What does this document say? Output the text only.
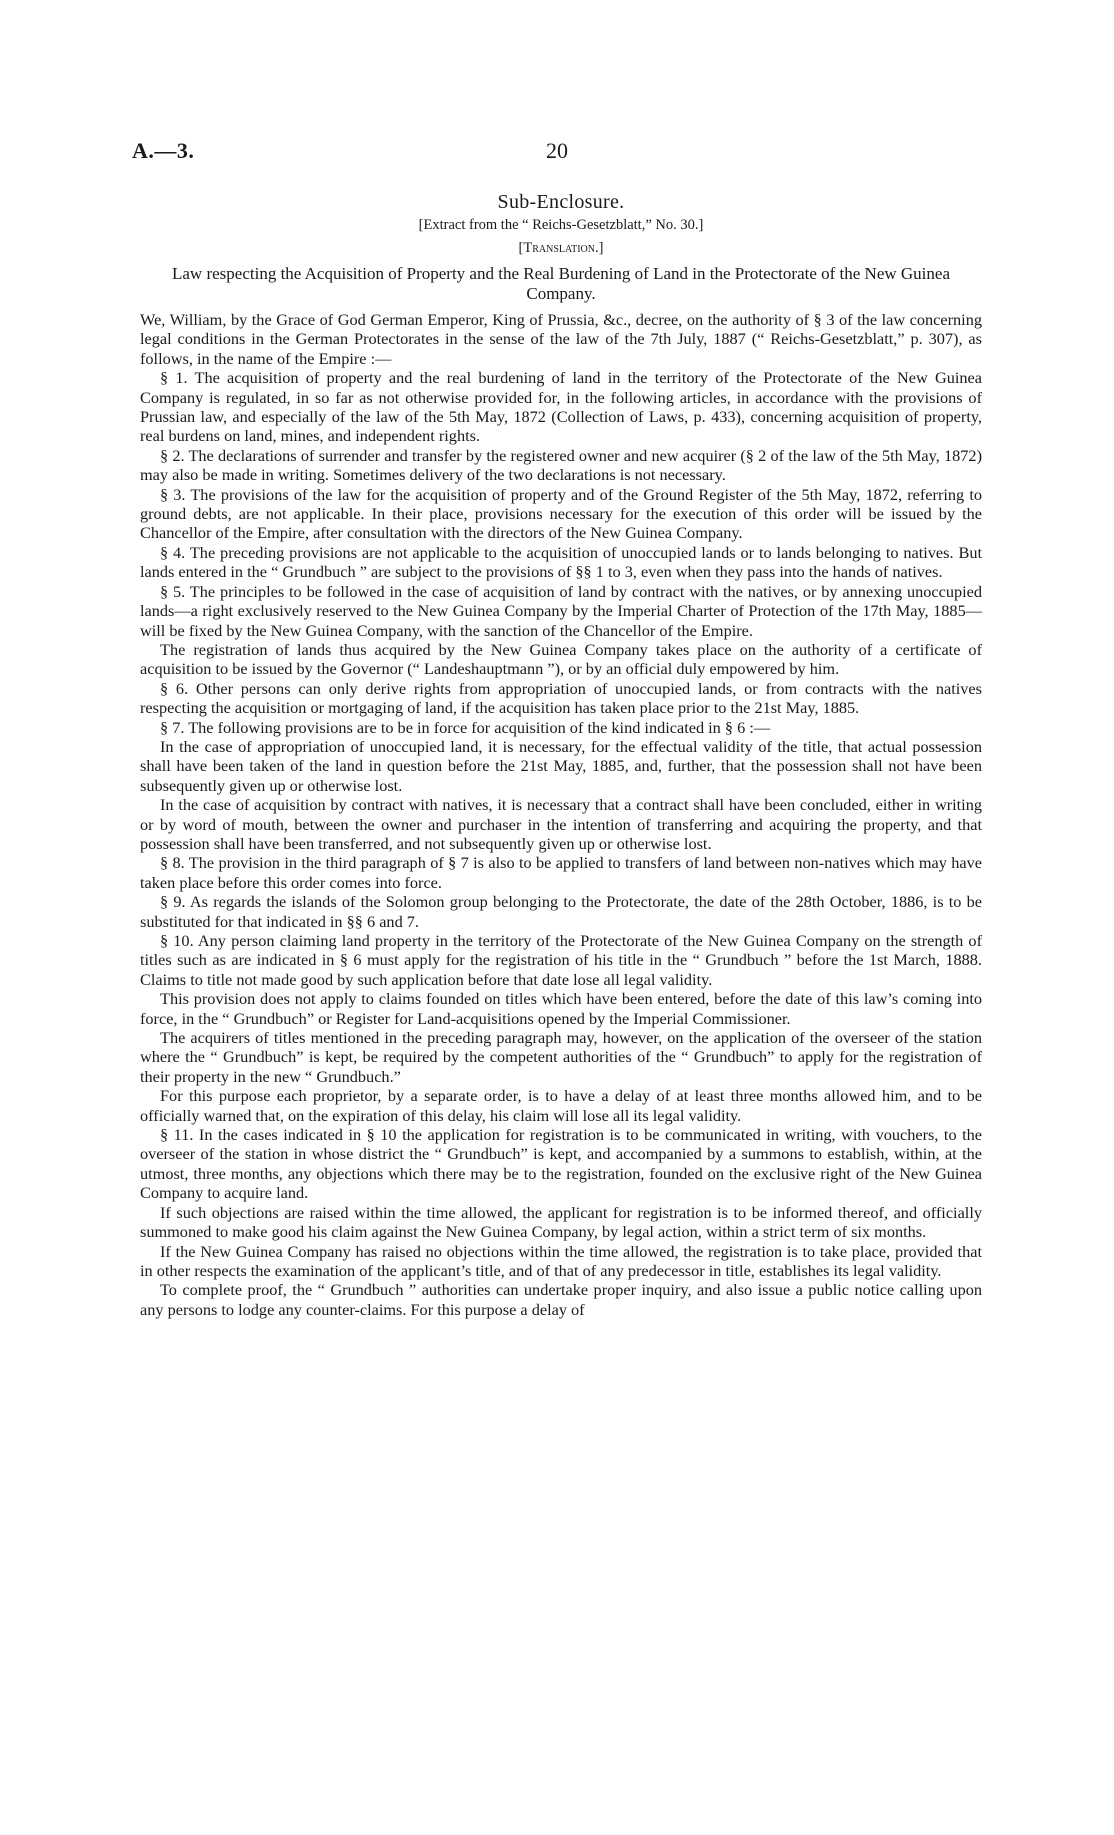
A.—3.	20
Sub-Enclosure.
[Extract from the “ Reichs-Gesetzblatt,” No. 30.]
[Translation.]
Law respecting the Acquisition of Property and the Real Burdening of Land in the Protectorate of the New Guinea Company.

We, William, by the Grace of God German Emperor, King of Prussia, &c., decree, on the authority of § 3 of the law concerning legal conditions in the German Protectorates in the sense of the law of the 7th July, 1887 (“ Reichs-Gesetzblatt,” p. 307), as follows, in the name of the Empire :—

§ 1. The acquisition of property and the real burdening of land in the territory of the Protectorate of the New Guinea Company is regulated, in so far as not otherwise provided for, in the following articles, in accordance with the provisions of Prussian law, and especially of the law of the 5th May, 1872 (Collection of Laws, p. 433), concerning acquisition of property, real burdens on land, mines, and independent rights.

§ 2. The declarations of surrender and transfer by the registered owner and new acquirer (§ 2 of the law of the 5th May, 1872) may also be made in writing. Sometimes delivery of the two declarations is not necessary.

§ 3. The provisions of the law for the acquisition of property and of the Ground Register of the 5th May, 1872, referring to ground debts, are not applicable. In their place, provisions necessary for the execution of this order will be issued by the Chancellor of the Empire, after consultation with the directors of the New Guinea Company.

§ 4. The preceding provisions are not applicable to the acquisition of unoccupied lands or to lands belonging to natives. But lands entered in the “ Grundbuch ” are subject to the provisions of §§ 1 to 3, even when they pass into the hands of natives.

§ 5. The principles to be followed in the case of acquisition of land by contract with the natives, or by annexing unoccupied lands—a right exclusively reserved to the New Guinea Company by the Imperial Charter of Protection of the 17th May, 1885—will be fixed by the New Guinea Company, with the sanction of the Chancellor of the Empire.

The registration of lands thus acquired by the New Guinea Company takes place on the authority of a certificate of acquisition to be issued by the Governor (“ Landeshauptmann ”), or by an official duly empowered by him.

§ 6. Other persons can only derive rights from appropriation of unoccupied lands, or from contracts with the natives respecting the acquisition or mortgaging of land, if the acquisition has taken place prior to the 21st May, 1885.

§ 7. The following provisions are to be in force for acquisition of the kind indicated in § 6 :—

In the case of appropriation of unoccupied land, it is necessary, for the effectual validity of the title, that actual possession shall have been taken of the land in question before the 21st May, 1885, and, further, that the possession shall not have been subsequently given up or otherwise lost.

In the case of acquisition by contract with natives, it is necessary that a contract shall have been concluded, either in writing or by word of mouth, between the owner and purchaser in the intention of transferring and acquiring the property, and that possession shall have been transferred, and not subsequently given up or otherwise lost.

§ 8. The provision in the third paragraph of § 7 is also to be applied to transfers of land between non-natives which may have taken place before this order comes into force.

§ 9. As regards the islands of the Solomon group belonging to the Protectorate, the date of the 28th October, 1886, is to be substituted for that indicated in §§ 6 and 7.

§ 10. Any person claiming land property in the territory of the Protectorate of the New Guinea Company on the strength of titles such as are indicated in § 6 must apply for the registration of his title in the “ Grundbuch ” before the 1st March, 1888. Claims to title not made good by such application before that date lose all legal validity.

This provision does not apply to claims founded on titles which have been entered, before the date of this law’s coming into force, in the “ Grundbuch” or Register for Land-acquisitions opened by the Imperial Commissioner.

The acquirers of titles mentioned in the preceding paragraph may, however, on the application of the overseer of the station where the “ Grundbuch” is kept, be required by the competent authorities of the “ Grundbuch” to apply for the registration of their property in the new “ Grundbuch.”

For this purpose each proprietor, by a separate order, is to have a delay of at least three months allowed him, and to be officially warned that, on the expiration of this delay, his claim will lose all its legal validity.

§ 11. In the cases indicated in § 10 the application for registration is to be communicated in writing, with vouchers, to the overseer of the station in whose district the “ Grundbuch” is kept, and accompanied by a summons to establish, within, at the utmost, three months, any objections which there may be to the registration, founded on the exclusive right of the New Guinea Company to acquire land.

If such objections are raised within the time allowed, the applicant for registration is to be informed thereof, and officially summoned to make good his claim against the New Guinea Company, by legal action, within a strict term of six months.

If the New Guinea Company has raised no objections within the time allowed, the registration is to take place, provided that in other respects the examination of the applicant’s title, and of that of any predecessor in title, establishes its legal validity.

To complete proof, the “ Grundbuch ” authorities can undertake proper inquiry, and also issue a public notice calling upon any persons to lodge any counter-claims. For this purpose a delay of
